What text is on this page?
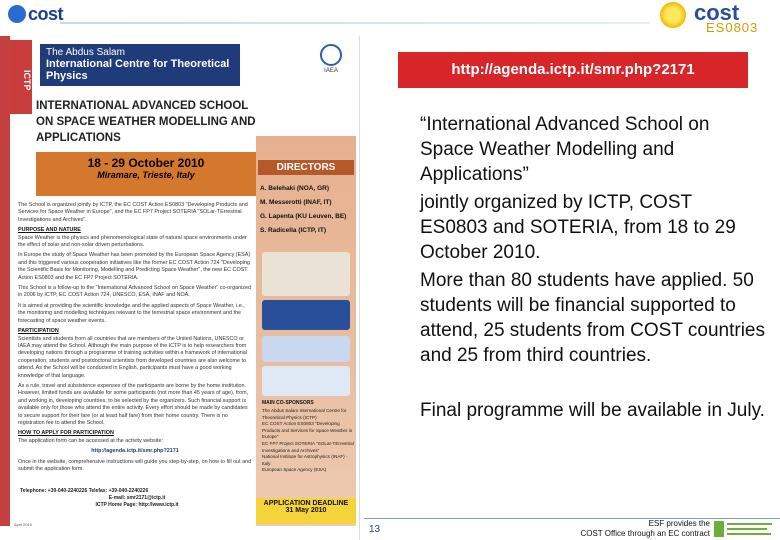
cost	cost
ES0803
ICTP
The Abdus Salam
International Centre for Theoretical Physics	IAEA
INTERNATIONAL ADVANCED SCHOOL ON SPACE WEATHER MODELLING AND APPLICATIONS
18 - 29 October 2010
Miramare, Trieste, Italy
DIRECTORS
A. Belehaki (NOA, GR)
M. Messerotti (INAF, IT)
G. Lapenta (KU Leuven, BE)
S. Radicella (ICTP, IT)
MAIN CO-SPONSORS
The Abdus Salam International Centre for Theoretical Physics (ICTP)
EC COST Action ES0803 "Developing Products and Services for Space Weather in Europe"
EC FP7 Project SOTERIA "SOLar-TErrestrial Investigations and Archives"
National Institute for Astrophysics (INAF) - Italy
European Space Agency (ESA)

The School is organized jointly by ICTP, the EC COST Action ES0803 "Developing Products and Services for Space Weather in Europe", and the EC FP7 Project SOTERIA "SOLar-TErrestrial Investigations and Archives".

PURPOSE AND NATURE

Space Weather is the physics and phenomenological state of natural space environments under the effect of solar and non-solar driven perturbations.

In Europe the study of Space Weather has been promoted by the European Space Agency (ESA) and this triggered various cooperation initiatives like the former EC COST Action 724 "Developing the Scientific Basis for Monitoring, Modelling and Predicting Space Weather", the new EC COST Action ES0803 and the EC FP7 Project SOTERIA.

This School is a follow-up to the "International Advanced School on Space Weather" co-organized in 2006 by ICTP, EC COST Action 724, UNESCO, ESA, INAF and NOA.

It is aimed at providing the scientific knowledge and the applied aspects of Space Weather, i.e., the monitoring and modelling techniques relevant to the terrestrial space environment and the forecasting of space weather events.

PARTICIPATION

Scientists and students from all countries that are members of the United Nations, UNESCO or IAEA may attend the School. Although the main purpose of the ICTP is to help researchers from developing nations through a programme of training activities within a framework of international cooperation, students and postdoctoral scientists from developed countries are also welcome to attend. As the School will be conducted in English, participants must have a good working knowledge of that language.

As a rule, travel and subsistence expenses of the participants are borne by the home institution. However, limited funds are available for some participants (not more than 45 years of age), from, and working in, developing countries, to be selected by the organizers. Such financial support is available only for those who attend the entire activity. Every effort should be made by candidates to secure support for their fare (or at least half fare) from their home country. There is no registration fee to attend the School.

HOW TO APPLY FOR PARTICIPATION

The application form can be accessed at the activity website:

http://agenda.ictp.it/smr.php?2171

Once in the website, comprehensive instructions will guide you step-by-step, on how to fill out and submit the application form.

Telephone: +39-040-2240226 Telefax: +39-040-2240226
E-mail: smr2171@ictp.it
ICTP Home Page: http://www.ictp.it	APPLICATION DEADLINE
31 May 2010
April 2010
http://agenda.ictp.it/smr.php?2171
“International Advanced School on Space Weather Modelling and Applications”
jointly organized by ICTP, COST ES0803 and SOTERIA, from 18 to 29 October 2010.
More than 80 students have applied. 50 students will be financial supported to attend, 25 students from COST countries and 25 from third countries.
Final programme will be available in July.
13
ESF provides the
COST Office through an EC contract
